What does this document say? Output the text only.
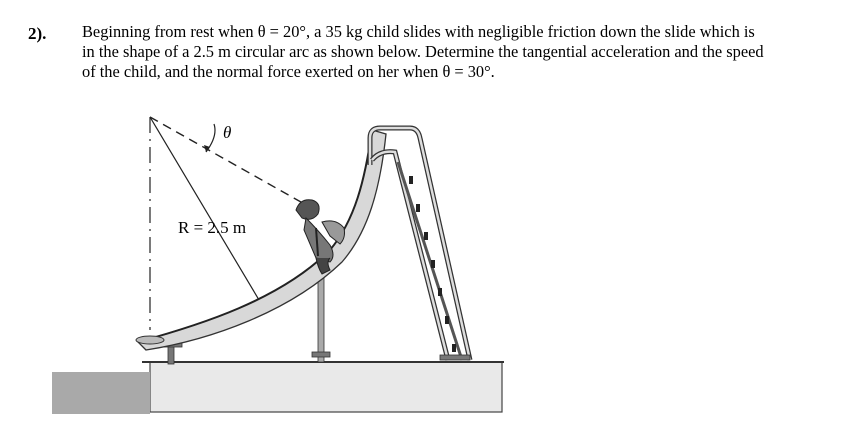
2). Beginning from rest when θ = 20°, a 35 kg child slides with negligible friction down the slide which is
in the shape of a 2.5 m circular arc as shown below. Determine the tangential acceleration and the speed
of the child, and the normal force exerted on her when θ = 30°.
θ
R = 2.5 m
